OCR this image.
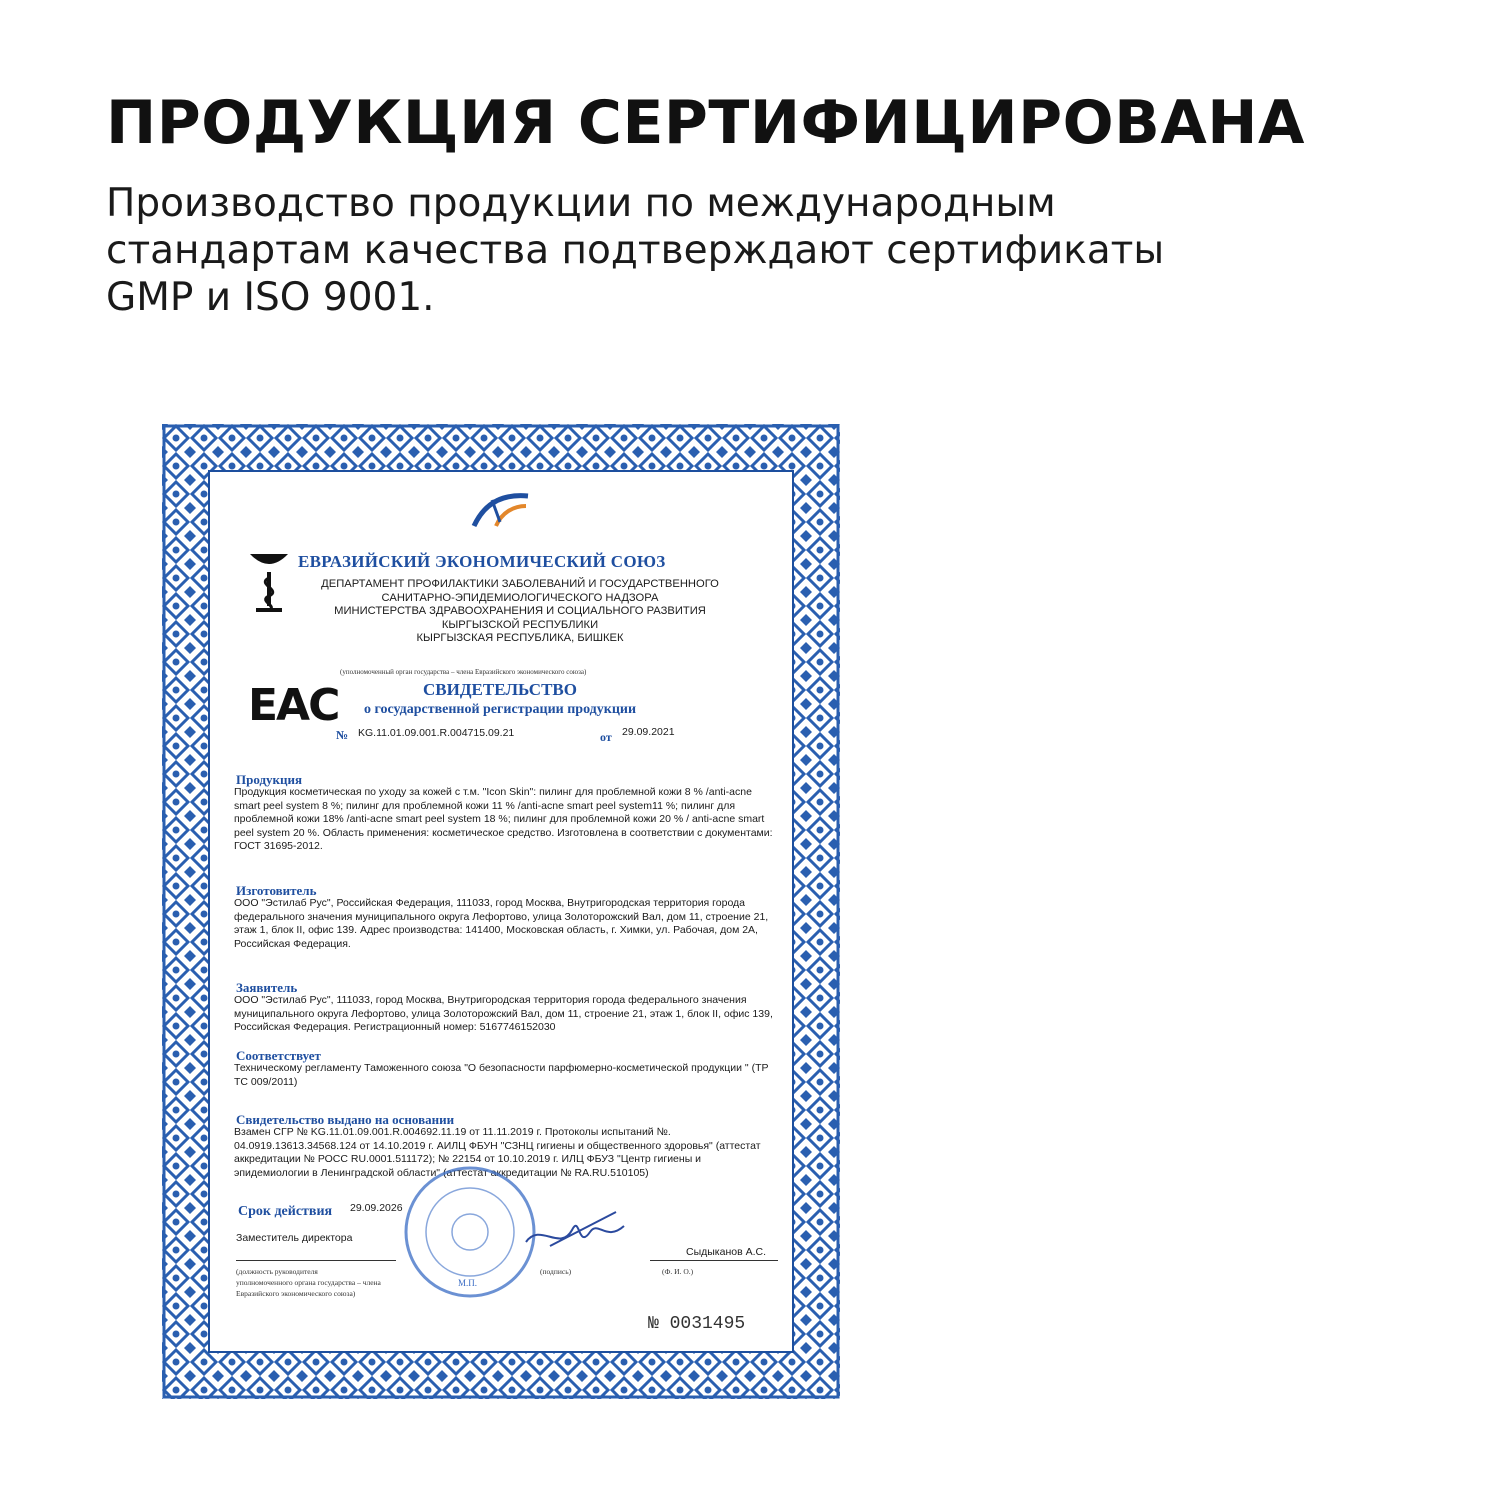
ПРОДУКЦИЯ СЕРТИФИЦИРОВАНА

Производство продукции по международным стандартам качества подтверждают сертификаты GMP и ISO 9001.

ЕВРАЗИЙСКИЙ ЭКОНОМИЧЕСКИЙ СОЮЗ
ДЕПАРТАМЕНТ ПРОФИЛАКТИКИ ЗАБОЛЕВАНИЙ И ГОСУДАРСТВЕННОГО
САНИТАРНО-ЭПИДЕМИОЛОГИЧЕСКОГО НАДЗОРА
МИНИСТЕРСТВА ЗДРАВООХРАНЕНИЯ И СОЦИАЛЬНОГО РАЗВИТИЯ
КЫРГЫЗСКОЙ РЕСПУБЛИКИ
КЫРГЫЗСКАЯ РЕСПУБЛИКА, БИШКЕК
(уполномоченный орган государства – члена Евразийского экономического союза)
ЕАС	СВИДЕТЕЛЬСТВО
о государственной регистрации продукции
№ KG.11.01.09.001.R.004715.09.21	от 29.09.2021
Продукция
Продукция косметическая по уходу за кожей с т.м. "Icon Skin": пилинг для проблемной кожи 8 % /anti-acne smart peel system 8 %; пилинг для проблемной кожи 11 % /anti-acne smart peel system11 %; пилинг для проблемной кожи 18% /anti-acne smart peel system 18 %; пилинг для проблемной кожи 20 % / anti-acne smart peel system 20 %. Область применения: косметическое средство. Изготовлена в соответствии с документами: ГОСТ 31695-2012.
Изготовитель
ООО "Эстилаб Рус", Российская Федерация, 111033, город Москва, Внутригородская территория города федерального значения муниципального округа Лефортово, улица Золоторожский Вал, дом 11, строение 21, этаж 1, блок II, офис 139. Адрес производства: 141400, Московская область, г. Химки, ул. Рабочая, дом 2А, Российская Федерация.
Заявитель
ООО "Эстилаб Рус", 111033, город Москва, Внутригородская территория города федерального значения муниципального округа Лефортово, улица Золоторожский Вал, дом 11, строение 21, этаж 1, блок II, офис 139, Российская Федерация. Регистрационный номер: 5167746152030
Соответствует
Техническому регламенту Таможенного союза "О безопасности парфюмерно-косметической продукции " (ТР ТС 009/2011)
Свидетельство выдано на основании
Взамен СГР № KG.11.01.09.001.R.004692.11.19 от 11.11.2019 г. Протоколы испытаний №. 04.0919.13613.34568.124 от 14.10.2019 г. АИЛЦ ФБУН "СЗНЦ гигиены и общественного здоровья" (аттестат аккредитации № РОСС RU.0001.511172); № 22154 от 10.10.2019 г. ИЛЦ ФБУЗ "Центр гигиены и эпидемиологии в Ленинградской области" (аттестат аккредитации № RA.RU.510105)
Срок действия 29.09.2026
Заместитель директора
Сыдыканов А.С.
М.П.
(должность руководителя
уполномоченного органа государства – члена
Евразийского экономического союза)
(подпись)	(Ф. И. О.)
№ 0031495
